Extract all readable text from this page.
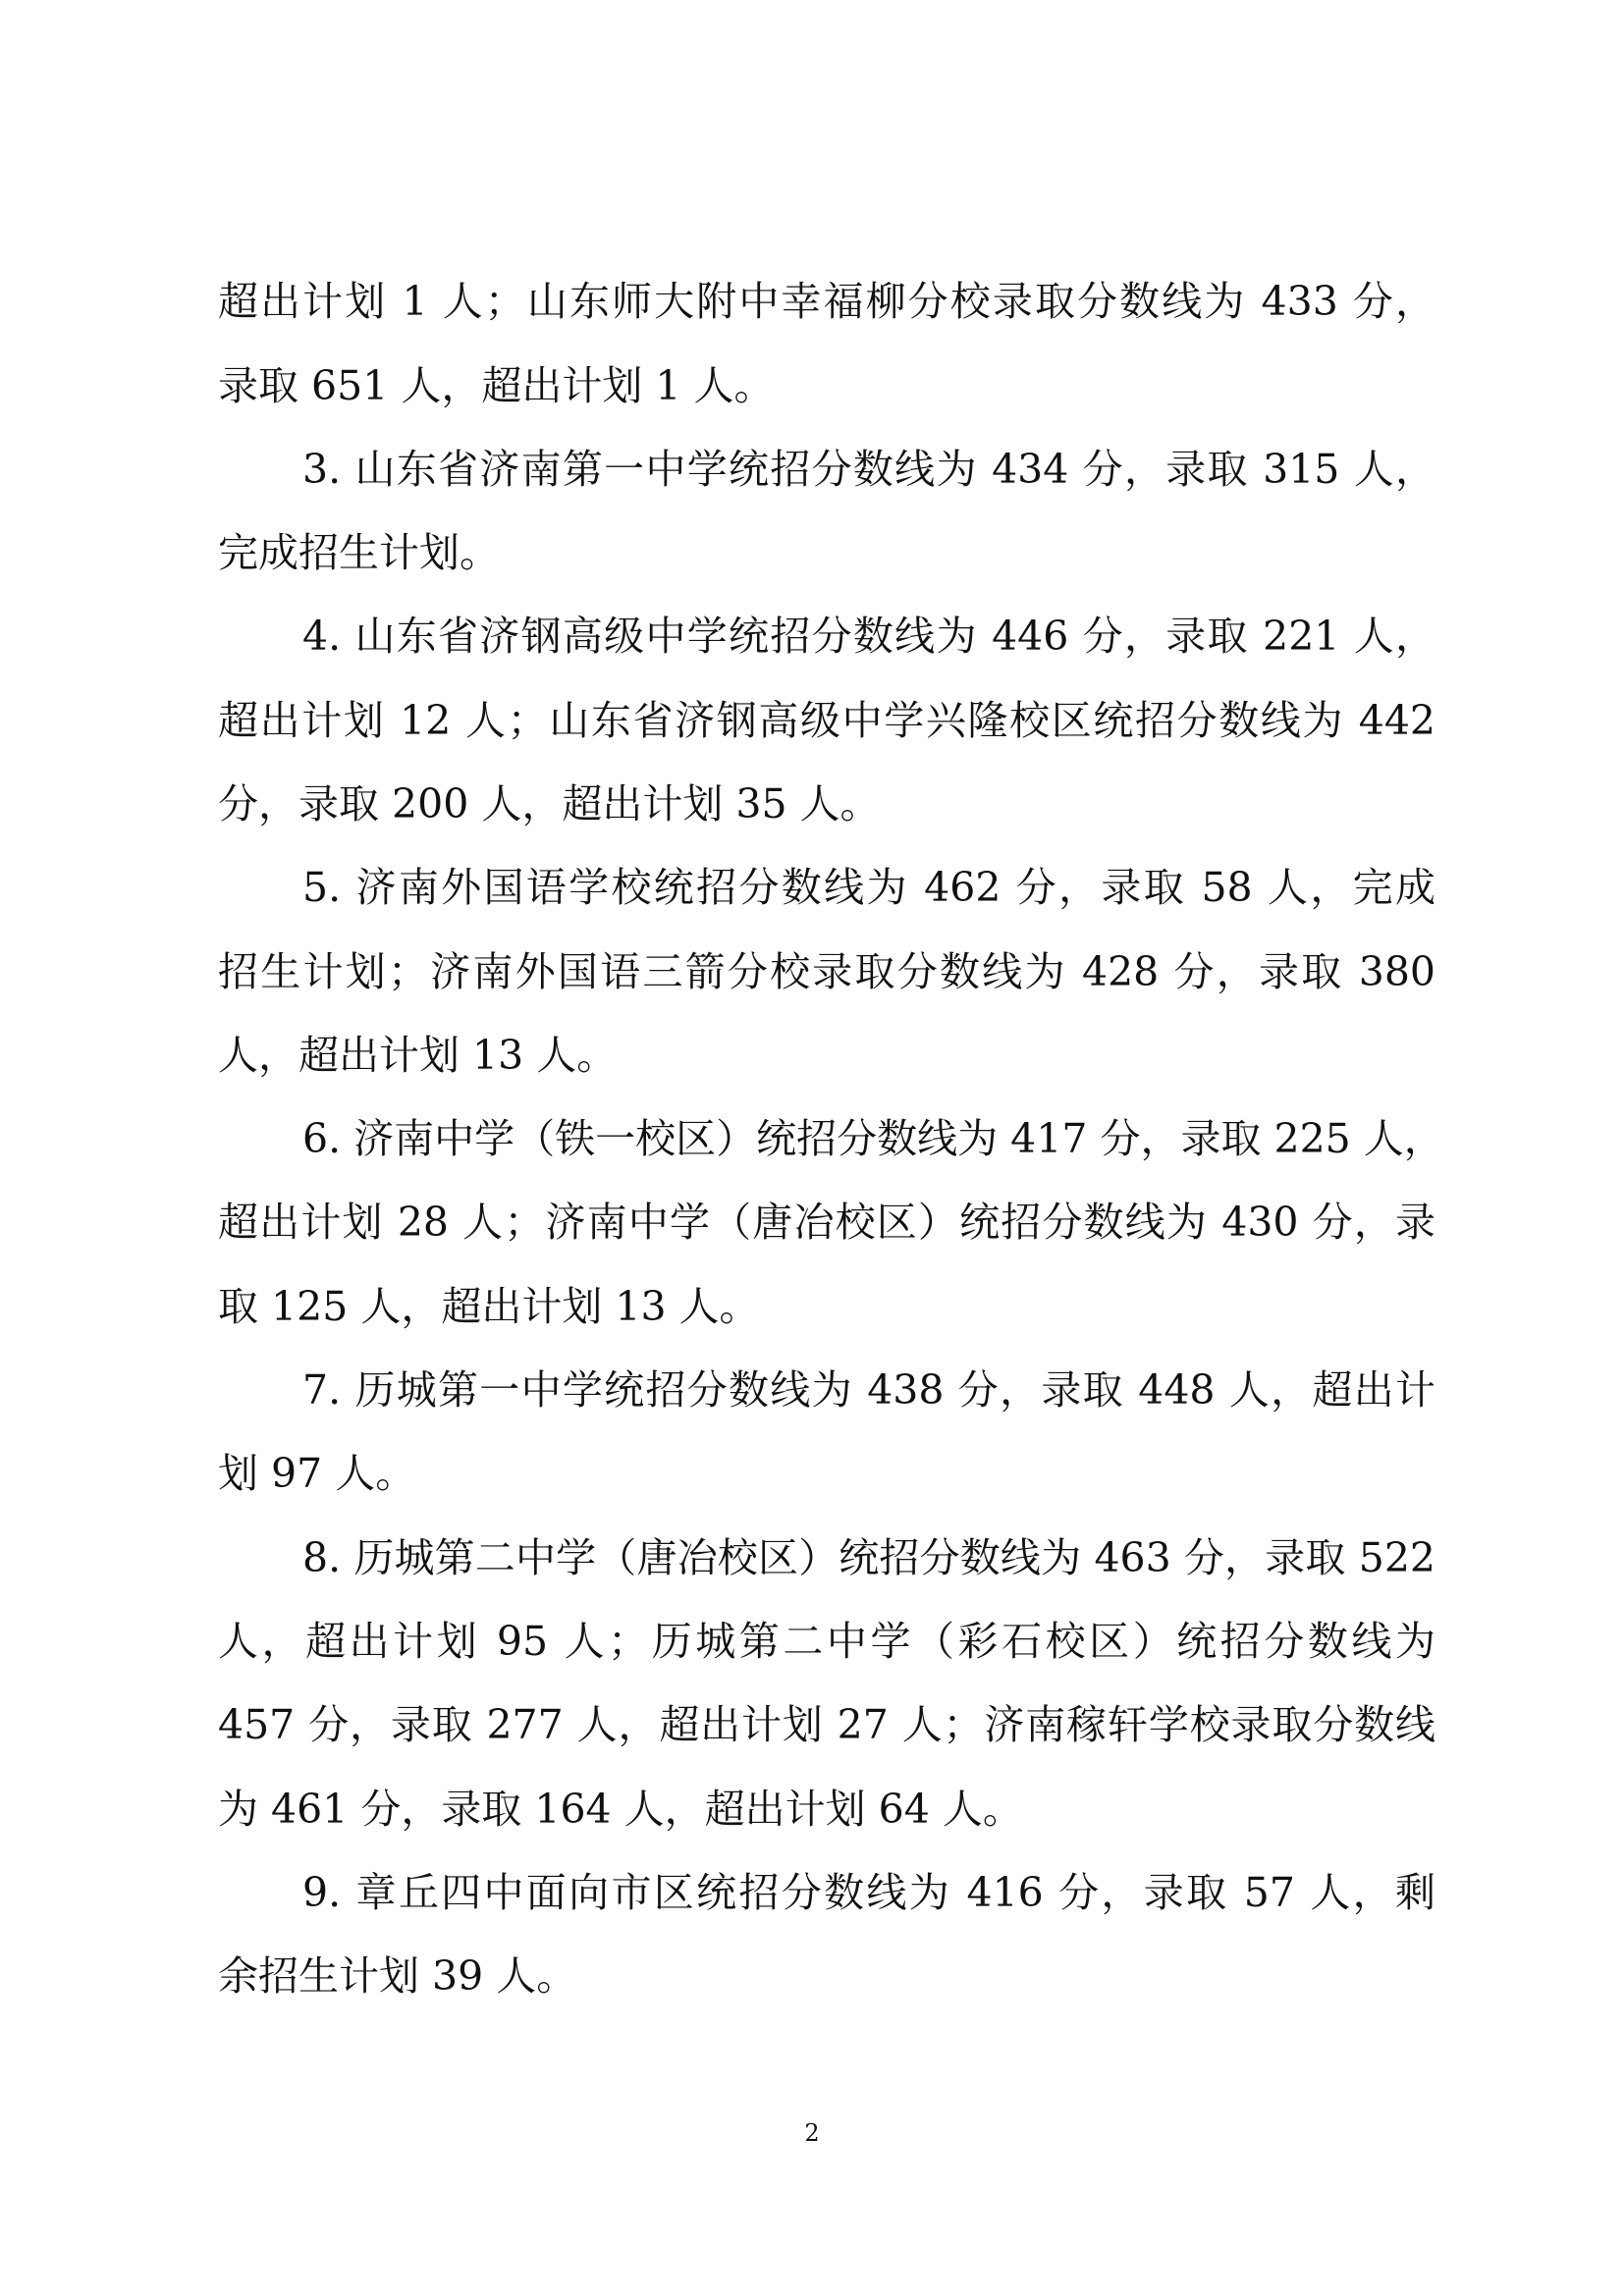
超出计划 1 人；山东师大附中幸福柳分校录取分数线为 433 分，

录取 651 人，超出计划 1 人。

3. 山东省济南第一中学统招分数线为 434 分，录取 315 人，

完成招生计划。

4. 山东省济钢高级中学统招分数线为 446 分，录取 221 人，

超出计划 12 人；山东省济钢高级中学兴隆校区统招分数线为 442

分，录取 200 人，超出计划 35 人。

5. 济南外国语学校统招分数线为 462 分，录取 58 人，完成

招生计划；济南外国语三箭分校录取分数线为 428 分，录取 380

人，超出计划 13 人。

6. 济南中学（铁一校区）统招分数线为 417 分，录取 225 人，

超出计划 28 人；济南中学（唐冶校区）统招分数线为 430 分，录

取 125 人，超出计划 13 人。

7. 历城第一中学统招分数线为 438 分，录取 448 人，超出计

划 97 人。

8. 历城第二中学（唐冶校区）统招分数线为 463 分，录取 522

人，超出计划 95 人；历城第二中学（彩石校区）统招分数线为

457 分，录取 277 人，超出计划 27 人；济南稼轩学校录取分数线

为 461 分，录取 164 人，超出计划 64 人。

9. 章丘四中面向市区统招分数线为 416 分，录取 57 人，剩

余招生计划 39 人。

2
